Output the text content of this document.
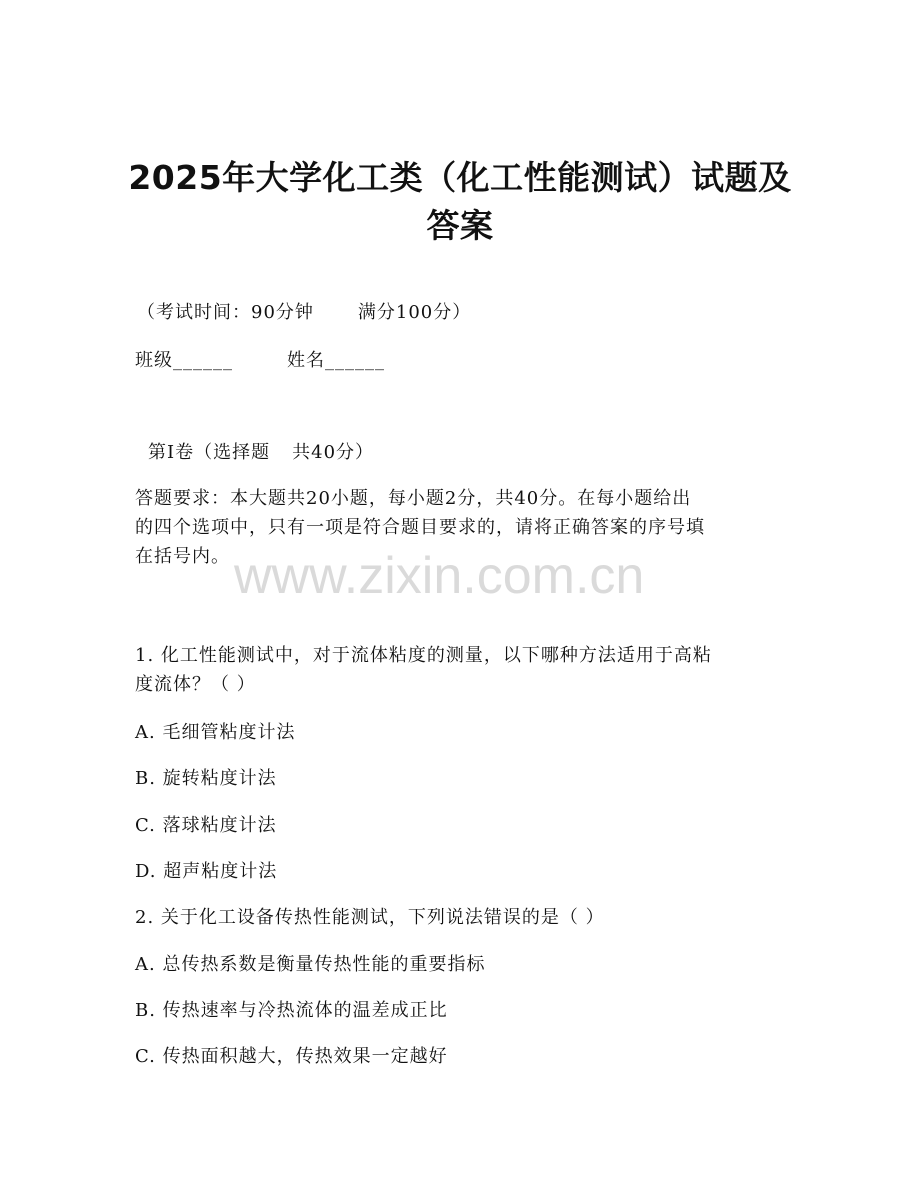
2025年大学化工类（化工性能测试）试题及
答案
（考试时间：90分钟 满分100分）
班级______	姓名______
第Ⅰ卷（选择题 共40分）
答题要求：本大题共20小题，每小题2分，共40分。在每小题给出
的四个选项中，只有一项是符合题目要求的，请将正确答案的序号填
在括号内。 www.zixin.com.cn
1. 化工性能测试中，对于流体粘度的测量，以下哪种方法适用于高粘
度流体？（ ）
A. 毛细管粘度计法
B. 旋转粘度计法
C. 落球粘度计法
D. 超声粘度计法
2. 关于化工设备传热性能测试，下列说法错误的是（ ）
A. 总传热系数是衡量传热性能的重要指标
B. 传热速率与冷热流体的温差成正比
C. 传热面积越大，传热效果一定越好
